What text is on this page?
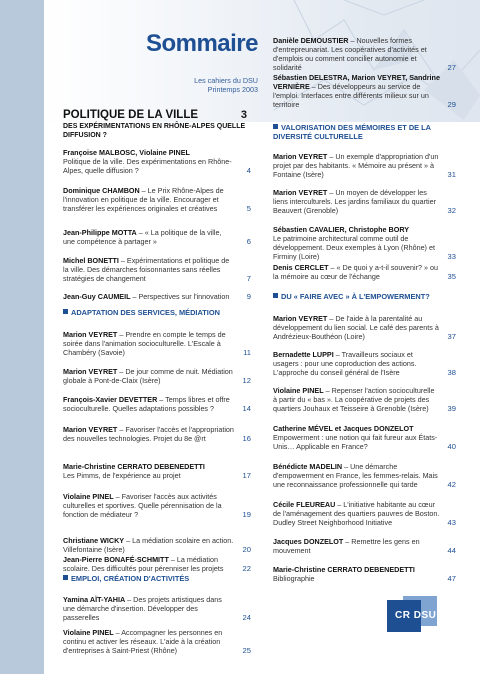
Sommaire
Les cahiers du DSU
Printemps 2003
POLITIQUE DE LA VILLE	3
DES EXPÉRIMENTATIONS EN RHÔNE-ALPES QUELLE DIFFUSION ?
ADAPTATION DES SERVICES, MÉDIATION
EMPLOI, CRÉATION D'ACTIVITÉS
Françoise MALBOSC, Violaine PINEL
Politique de la ville. Des expérimentations en Rhône-Alpes, quelle diffusion ?	4
Dominique CHAMBON – Le Prix Rhône-Alpes de l'innovation en politique de la ville. Encourager et transférer les expériences originales et créatives	5
Jean-Philippe MOTTA – « La politique de la ville, une compétence à partager »	6
Michel BONETTI – Expérimentations et politique de la ville. Des démarches foisonnantes sans réelles stratégies de changement	7
Jean-Guy CAUMEIL – Perspectives sur l'innovation	9
Marion VEYRET – Prendre en compte le temps de soirée dans l'animation socioculturelle. L'Escale à Chambéry (Savoie)	11
Marion VEYRET – De jour comme de nuit. Médiation globale à Pont-de-Claix (Isère)	12
François-Xavier DEVETTER – Temps libres et offre socioculturelle. Quelles adaptations possibles ?	14
Marion VEYRET – Favoriser l'accès et l'appropriation des nouvelles technologies. Projet du 8e @rt	16
Marie-Christine CERRATO DEBENEDETTI
Les Pimms, de l'expérience au projet	17
Violaine PINEL – Favoriser l'accès aux activités culturelles et sportives. Quelle pérennisation de la fonction de médiateur ?	19
Christiane WICKY – La médiation scolaire en action. Villefontaine (Isère)	20
Jean-Pierre BONAFÉ-SCHMITT – La médiation scolaire. Des difficultés pour pérenniser les projets	22
Yamina AÏT-YAHIA – Des projets artistiques dans une démarche d'insertion. Développer des passerelles	24
Violaine PINEL – Accompagner les personnes en continu et activer les réseaux. L'aide à la création d'entreprises à Saint-Priest (Rhône)	25
VALORISATION DES MÉMOIRES ET DE LA DIVERSITÉ CULTURELLE
DU « FAIRE AVEC » À L'EMPOWERMENT?
Danièle DEMOUSTIER – Nouvelles formes d'entrepreunariat. Les coopératives d'activités et d'emplois ou comment concilier autonomie et solidarité	27
Sébastien DELESTRA, Marion VEYRET, Sandrine VERNIÈRE – Des développeurs au service de l'emploi. Interfaces entre différents milieux sur un territoire	29
Marion VEYRET – Un exemple d'appropriation d'un projet par des habitants. « Mémoire au présent » à Fontaine (Isère)	31
Marion VEYRET – Un moyen de développer les liens interculturels. Les jardins familiaux du quartier Beauvert (Grenoble)	32
Sébastien CAVALIER, Christophe BORY
Le patrimoine architectural comme outil de développement. Deux exemples à Lyon (Rhône) et Firminy (Loire)	33
Denis CERCLET – « De quoi y a-t-il souvenir? » ou la mémoire au cœur de l'échange	35
Marion VEYRET – De l'aide à la parentalité au développement du lien social. Le café des parents à Andrézieux-Bouthéon (Loire)	37
Bernadette LUPPI – Travailleurs sociaux et usagers : pour une coproduction des actions. L'approche du conseil général de l'Isère	38
Violaine PINEL – Repenser l'action socioculturelle à partir du « bas ». La coopérative de projets des quartiers Jouhaux et Teisseire à Grenoble (Isère)	39
Catherine MÉVEL et Jacques DONZELOT
Empowerment : une notion qui fait fureur aux États-Unis… Applicable en France?	40
Bénédicte MADELIN – Une démarche d'empowerment en France, les femmes-relais. Mais une reconnaissance professionnelle qui tarde	42
Cécile FLEUREAU – L'initiative habitante au cœur de l'aménagement des quartiers pauvres de Boston. Dudley Street Neighborhood Initiative	43
Jacques DONZELOT – Remettre les gens en mouvement	44
Marie-Christine CERRATO DEBENEDETTI
Bibliographie	47
CR DSU
